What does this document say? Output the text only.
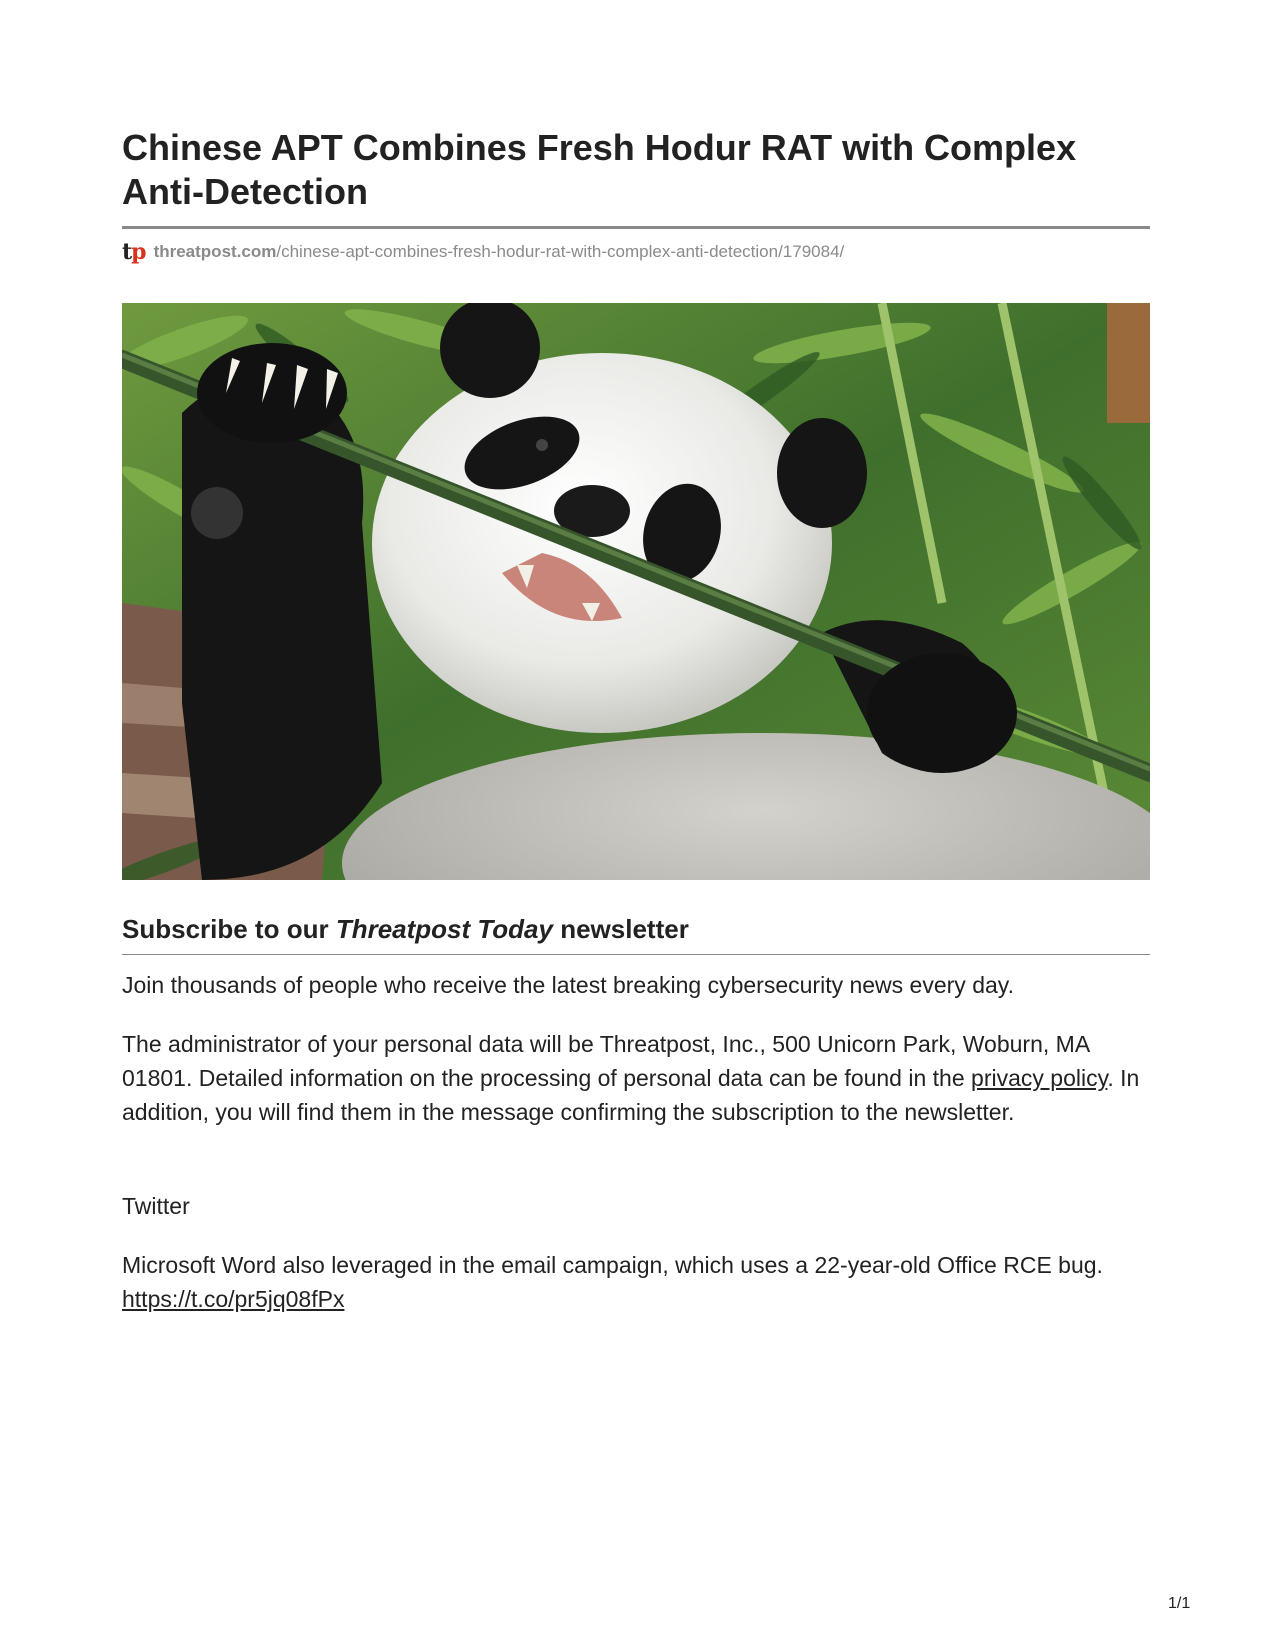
Chinese APT Combines Fresh Hodur RAT with Complex Anti-Detection
tp threatpost.com /chinese-apt-combines-fresh-hodur-rat-with-complex-anti-detection/179084/
Subscribe to our Threatpost Today newsletter

Join thousands of people who receive the latest breaking cybersecurity news every day.

The administrator of your personal data will be Threatpost, Inc., 500 Unicorn Park, Woburn, MA 01801. Detailed information on the processing of personal data can be found in the privacy policy. In addition, you will find them in the message confirming the subscription to the newsletter.

Twitter

Microsoft Word also leveraged in the email campaign, which uses a 22-year-old Office RCE bug. https://t.co/pr5jq08fPx

1/1
